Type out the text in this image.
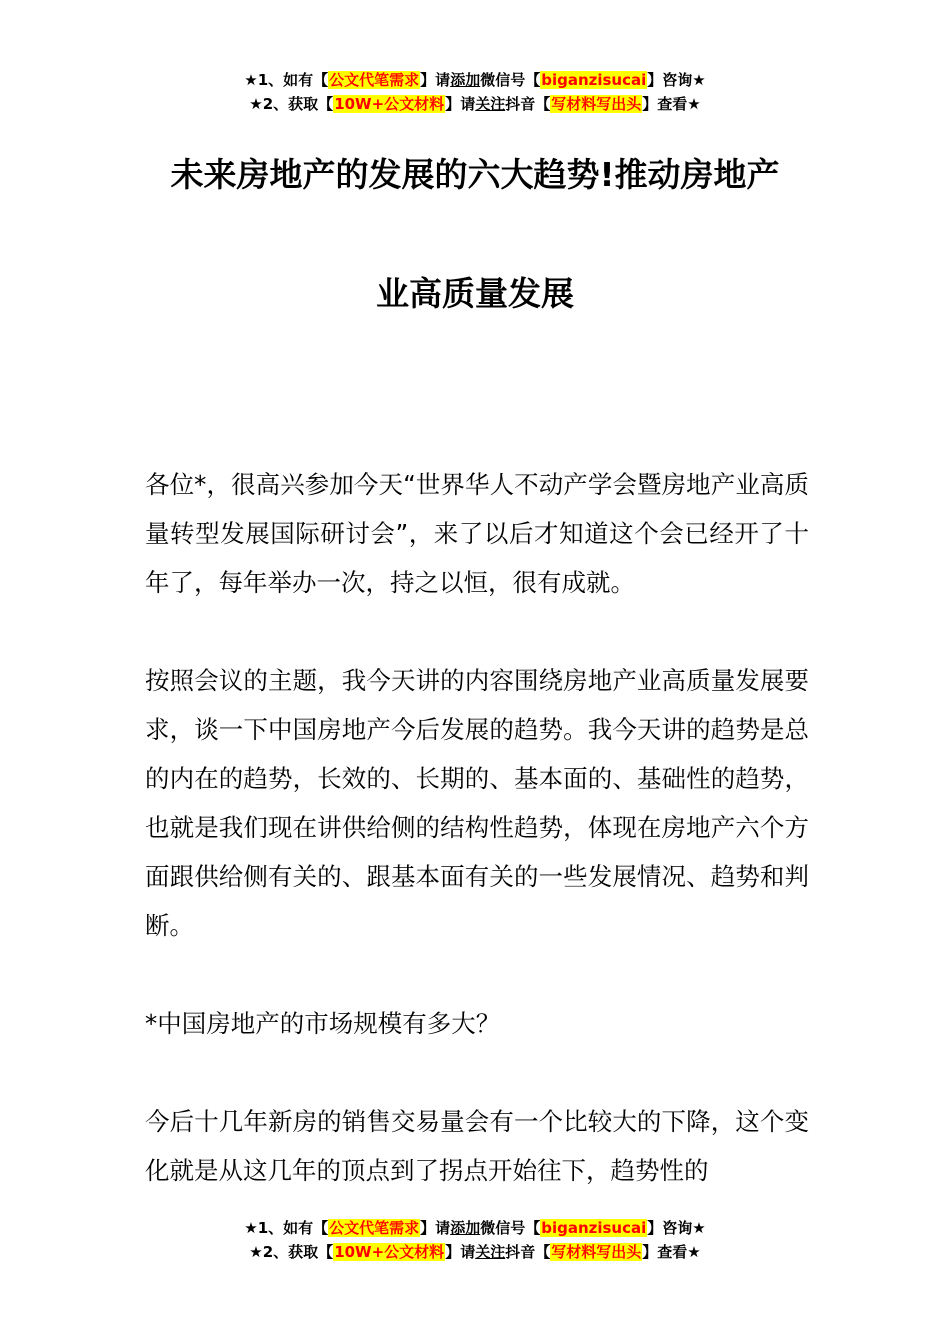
★1、如有【公文代笔需求】请添加微信号【biganzisucai】咨询★
★2、获取【10W+公文材料】请关注抖音【写材料写出头】查看★
未来房地产的发展的六大趋势!推动房地产
业高质量发展

各位*，很高兴参加今天“世界华人不动产学会暨房地产业高质量转型发展国际研讨会”，来了以后才知道这个会已经开了十年了，每年举办一次，持之以恒，很有成就。

按照会议的主题，我今天讲的内容围绕房地产业高质量发展要求，谈一下中国房地产今后发展的趋势。我今天讲的趋势是总的内在的趋势，长效的、长期的、基本面的、基础性的趋势，也就是我们现在讲供给侧的结构性趋势，体现在房地产六个方面跟供给侧有关的、跟基本面有关的一些发展情况、趋势和判断。

*中国房地产的市场规模有多大？

今后十几年新房的销售交易量会有一个比较大的下降，这个变化就是从这几年的顶点到了拐点开始往下，趋势性的

★1、如有【公文代笔需求】请添加微信号【biganzisucai】咨询★
★2、获取【10W+公文材料】请关注抖音【写材料写出头】查看★
